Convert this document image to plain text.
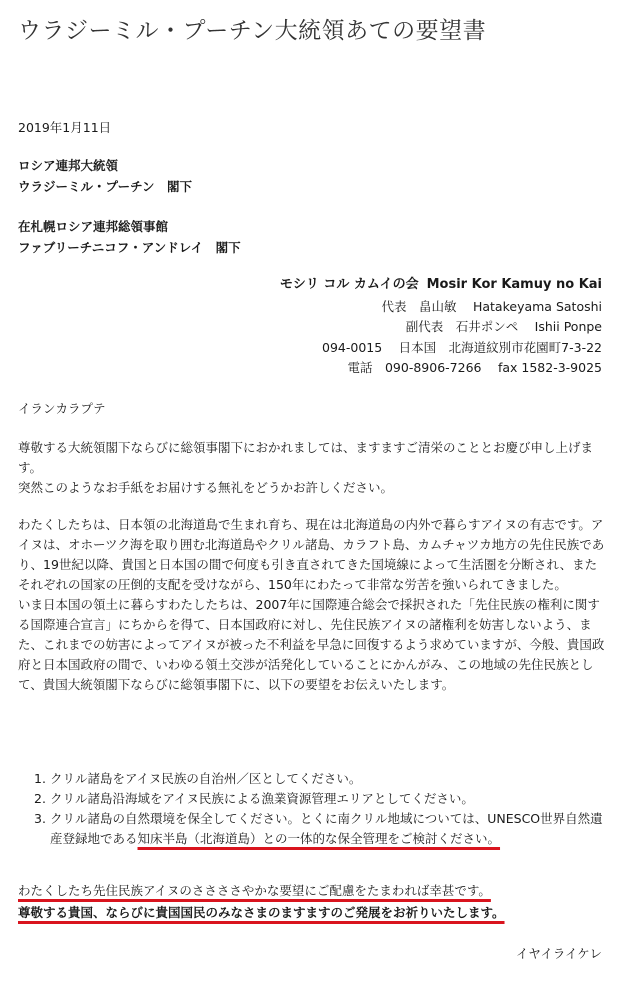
ウラジーミル・プーチン大統領あての要望書
2019年1月11日
ロシア連邦大統領
ウラジーミル・プーチン　閣下
在札幌ロシア連邦総領事館
ファブリーチニコフ・アンドレイ　閣下
モシリ コル カムイの会 Mosir Kor Kamuy no Kai
代表　畠山敏　 Hatakeyama Satoshi
副代表　石井ポンペ　 Ishii Ponpe
094-0015　 日本国　北海道紋別市花園町7-3-22
電話　090-8906-7266　 fax 1582-3-9025
イランカラプテ

尊敬する大統領閣下ならびに総領事閣下におかれましては、ますますご清栄のこととお慶び申し上げます。

突然このようなお手紙をお届けする無礼をどうかお許しください。

わたくしたちは、日本領の北海道島で生まれ育ち、現在は北海道島の内外で暮らすアイヌの有志です。アイヌは、オホーツク海を取り囲む北海道島やクリル諸島、カラフト島、カムチャツカ地方の先住民族であり、19世紀以降、貴国と日本国の間で何度も引き直されてきた国境線によって生活圏を分断され、またそれぞれの国家の圧倒的支配を受けながら、150年にわたって非常な労苦を強いられてきました。

いま日本国の領土に暮らすわたしたちは、2007年に国際連合総会で採択された「先住民族の権利に関する国際連合宣言」にちからを得て、日本国政府に対し、先住民族アイヌの諸権利を妨害しないよう、また、これまでの妨害によってアイヌが被った不利益を早急に回復するよう求めていますが、今般、貴国政府と日本国政府の間で、いわゆる領土交渉が活発化していることにかんがみ、この地域の先住民族として、貴国大統領閣下ならびに総領事閣下に、以下の要望をお伝えいたします。

1. クリル諸島をアイヌ民族の自治州／区としてください。
2. クリル諸島沿海域をアイヌ民族による漁業資源管理エリアとしてください。
3. クリル諸島の自然環境を保全してください。とくに南クリル地域については、UNESCO世界自然遺産登録地である知床半島（北海道島）との一体的な保全管理をご検討ください。
わたくしたち先住民族アイヌのささささやかな要望にご配慮をたまわれば幸甚です。
尊敬する貴国、ならびに貴国国民のみなさまのますますのご発展をお祈りいたします。
イヤイライケレ
